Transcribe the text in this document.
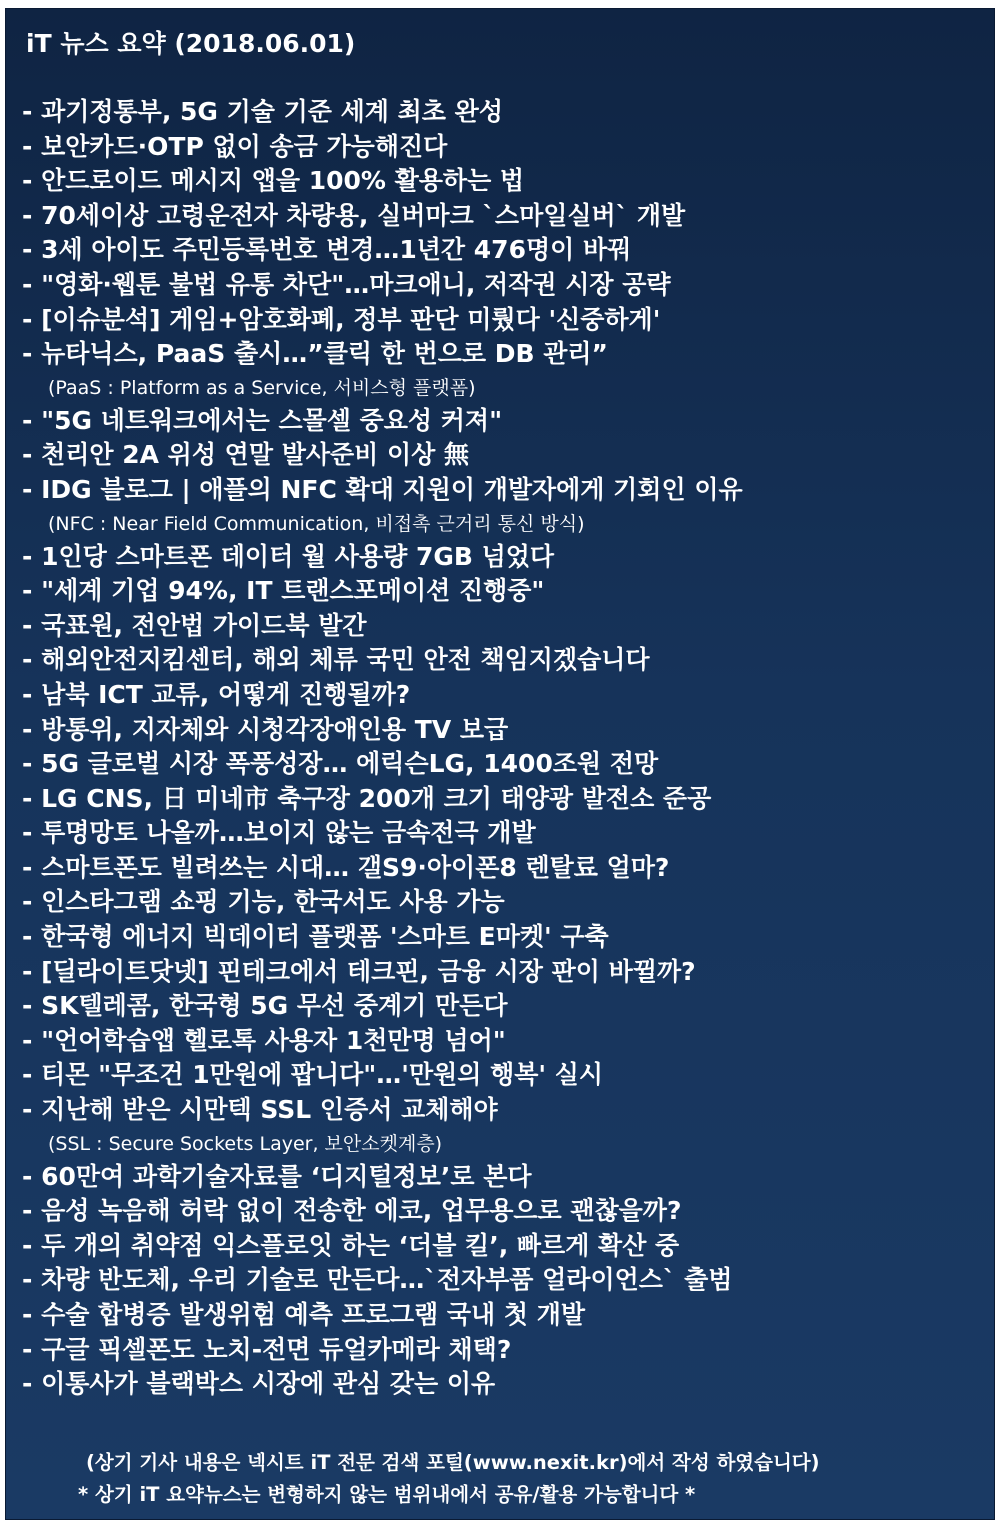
iT 뉴스 요약 (2018.06.01)
- 과기정통부, 5G 기술 기준 세계 최초 완성
- 보안카드·OTP 없이 송금 가능해진다
- 안드로이드 메시지 앱을 100% 활용하는 법
- 70세이상 고령운전자 차량용, 실버마크 `스마일실버` 개발
- 3세 아이도 주민등록번호 변경…1년간 476명이 바꿔
- "영화·웹툰 불법 유통 차단"…마크애니, 저작권 시장 공략
- [이슈분석] 게임+암호화폐, 정부 판단 미뤘다 '신중하게'
- 뉴타닉스, PaaS 출시…”클릭 한 번으로 DB 관리”
(PaaS : Platform as a Service, 서비스형 플랫폼)
- "5G 네트워크에서는 스몰셀 중요성 커져"
- 천리안 2A 위성 연말 발사준비 이상 無
- IDG 블로그 | 애플의 NFC 확대 지원이 개발자에게 기회인 이유
(NFC : Near Field Communication, 비접촉 근거리 통신 방식)
- 1인당 스마트폰 데이터 월 사용량 7GB 넘었다
- "세계 기업 94%, IT 트랜스포메이션 진행중"
- 국표원, 전안법 가이드북 발간
- 해외안전지킴센터, 해외 체류 국민 안전 책임지겠습니다
- 남북 ICT 교류, 어떻게 진행될까?
- 방통위, 지자체와 시청각장애인용 TV 보급
- 5G 글로벌 시장 폭풍성장… 에릭슨LG, 1400조원 전망
- LG CNS, 日 미네市 축구장 200개 크기 태양광 발전소 준공
- 투명망토 나올까…보이지 않는 금속전극 개발
- 스마트폰도 빌려쓰는 시대… 갤S9·아이폰8 렌탈료 얼마?
- 인스타그램 쇼핑 기능, 한국서도 사용 가능
- 한국형 에너지 빅데이터 플랫폼 '스마트 E마켓' 구축
- [딜라이트닷넷] 핀테크에서 테크핀, 금융 시장 판이 바뀔까?
- SK텔레콤, 한국형 5G 무선 중계기 만든다
- "언어학습앱 헬로톡 사용자 1천만명 넘어"
- 티몬 "무조건 1만원에 팝니다"…'만원의 행복' 실시
- 지난해 받은 시만텍 SSL 인증서 교체해야
(SSL : Secure Sockets Layer, 보안소켓계층)
- 60만여 과학기술자료를 ‘디지털정보’로 본다
- 음성 녹음해 허락 없이 전송한 에코, 업무용으로 괜찮을까?
- 두 개의 취약점 익스플로잇 하는 ‘더블 킬’, 빠르게 확산 중
- 차량 반도체, 우리 기술로 만든다…`전자부품 얼라이언스` 출범
- 수술 합병증 발생위험 예측 프로그램 국내 첫 개발
- 구글 픽셀폰도 노치-전면 듀얼카메라 채택?
- 이통사가 블랙박스 시장에 관심 갖는 이유
(상기 기사 내용은 넥시트 iT 전문 검색 포털(www.nexit.kr)에서 작성 하였습니다)
* 상기 iT 요약뉴스는 변형하지 않는 범위내에서 공유/활용 가능합니다 *
